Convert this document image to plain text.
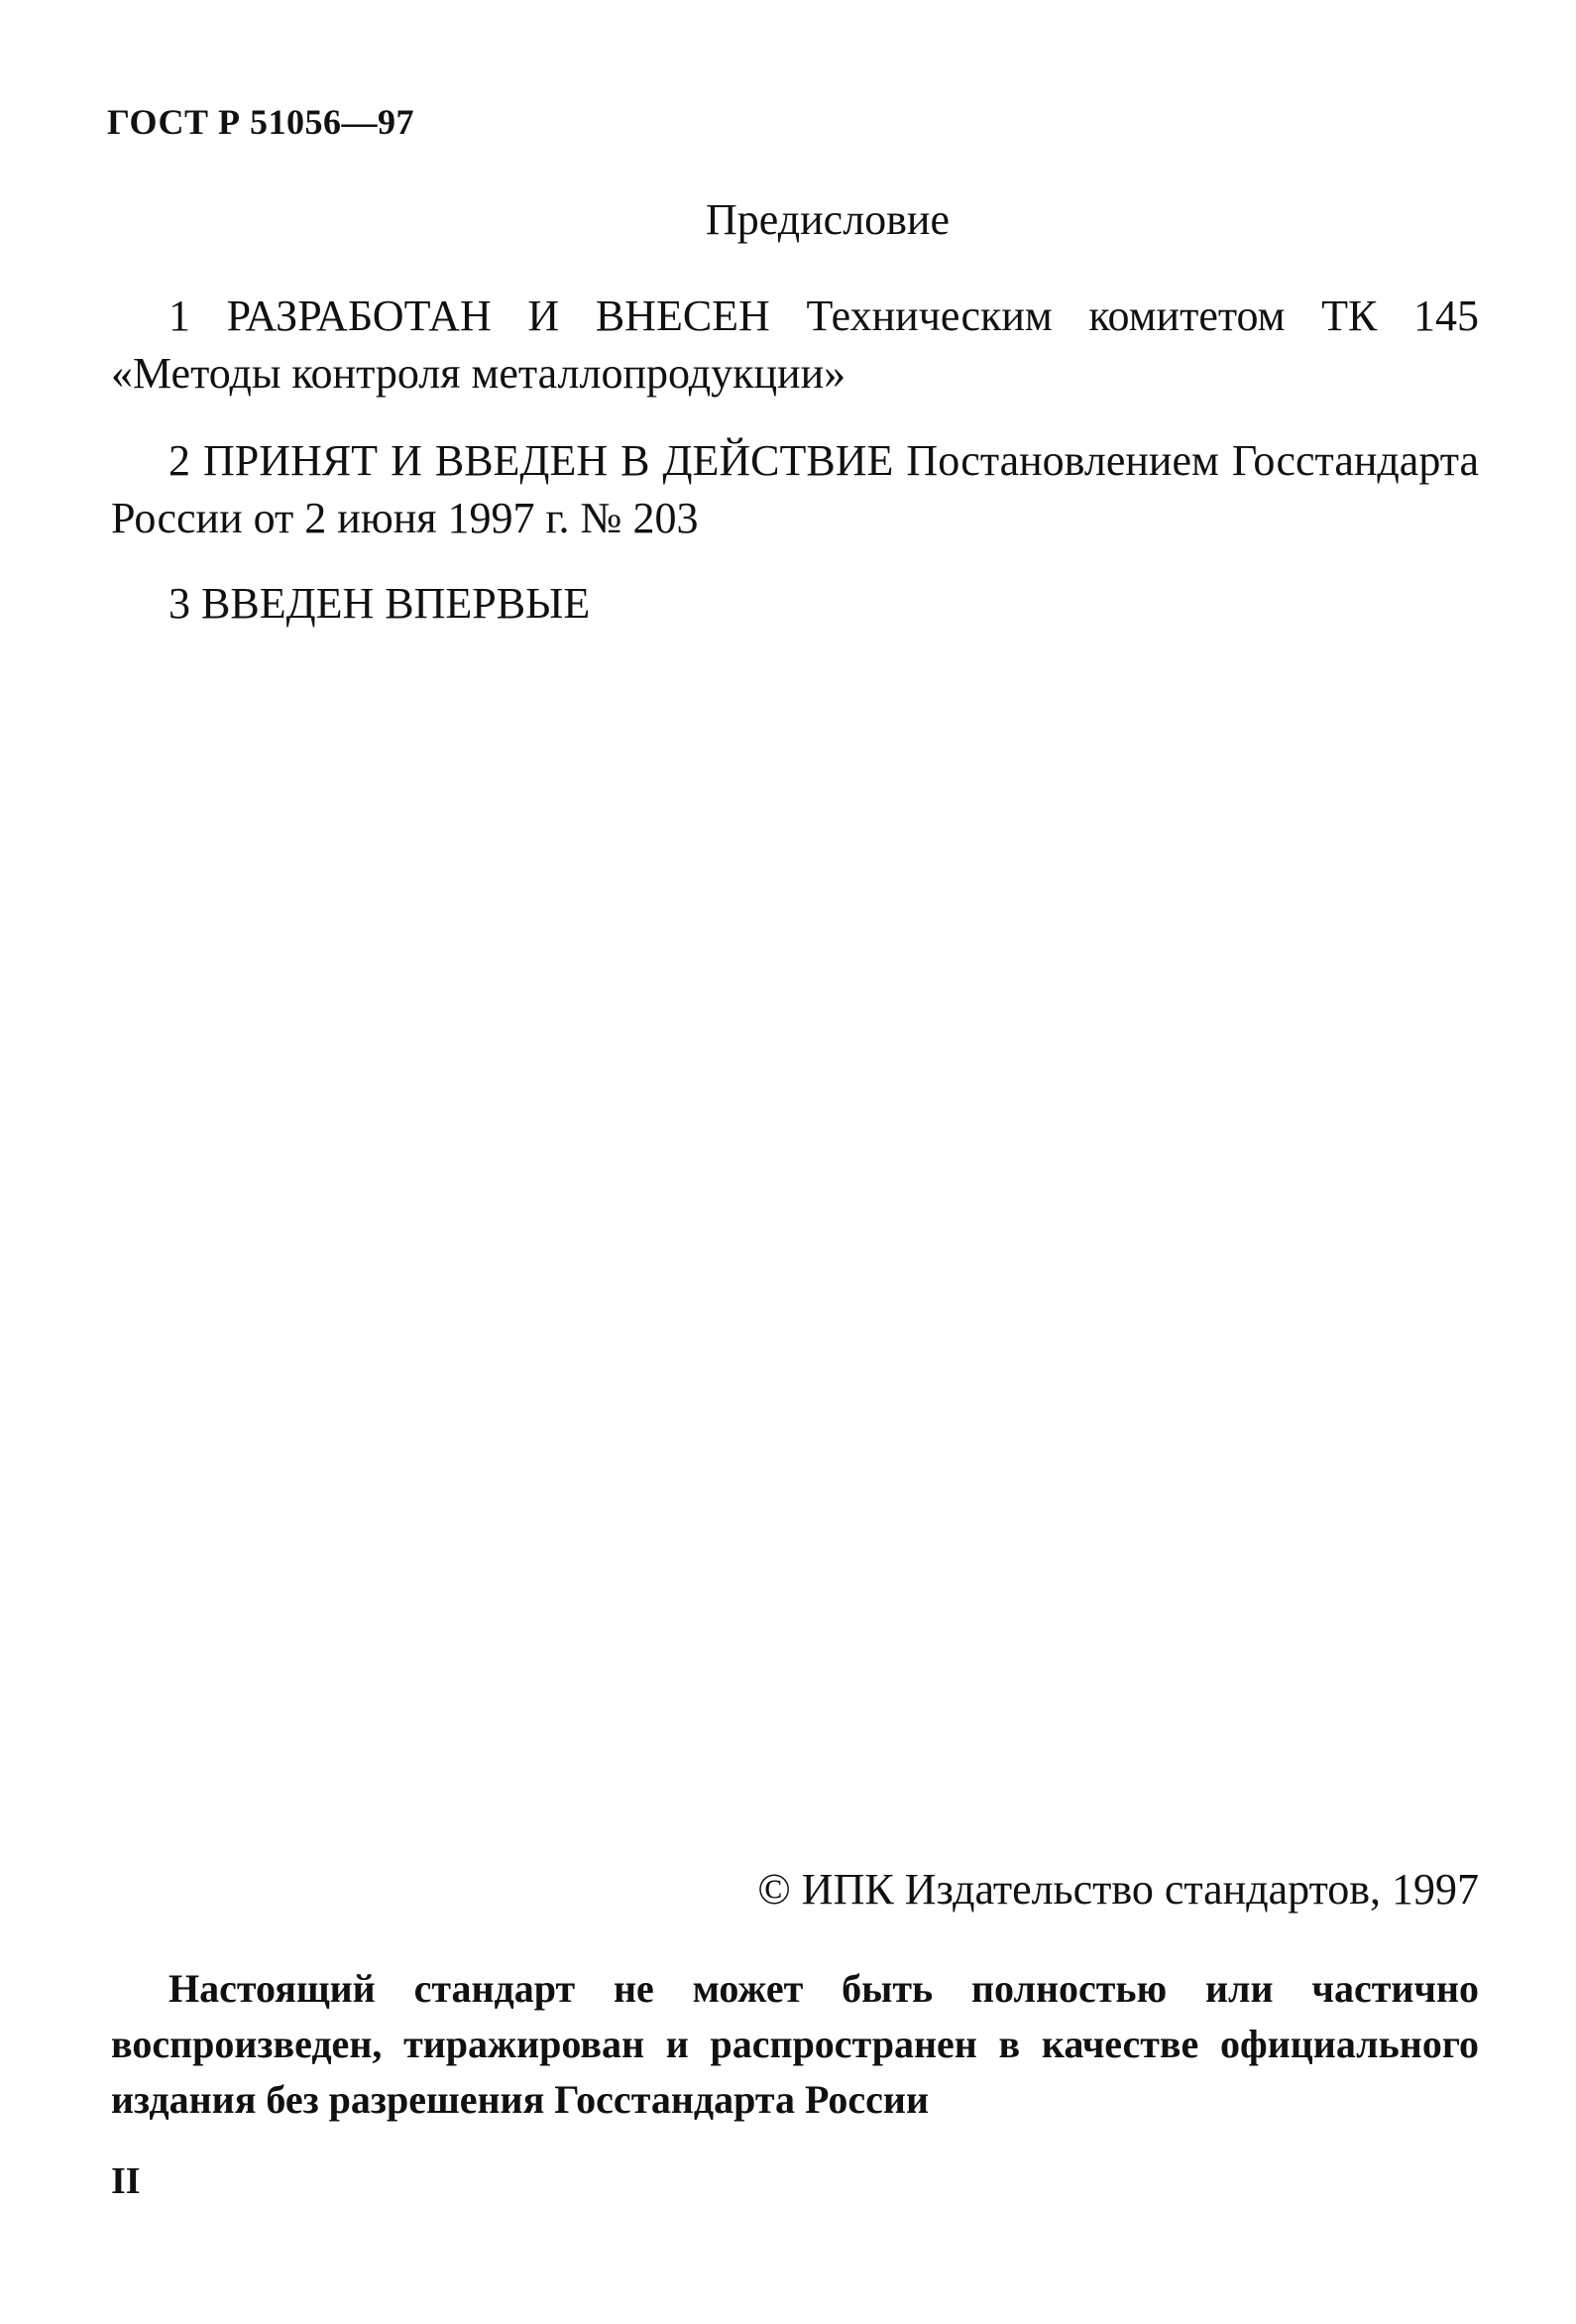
ГОСТ Р 51056—97
Предисловие
1 РАЗРАБОТАН И ВНЕСЕН Техническим комитетом ТК 145 «Методы контроля металлопродукции»
2 ПРИНЯТ И ВВЕДЕН В ДЕЙСТВИЕ Постановлением Госстандарта России от 2 июня 1997 г. № 203
3 ВВЕДЕН ВПЕРВЫЕ
© ИПК Издательство стандартов, 1997
Настоящий стандарт не может быть полностью или частично воспроизведен, тиражирован и распространен в качестве официального издания без разрешения Госстандарта России
II
